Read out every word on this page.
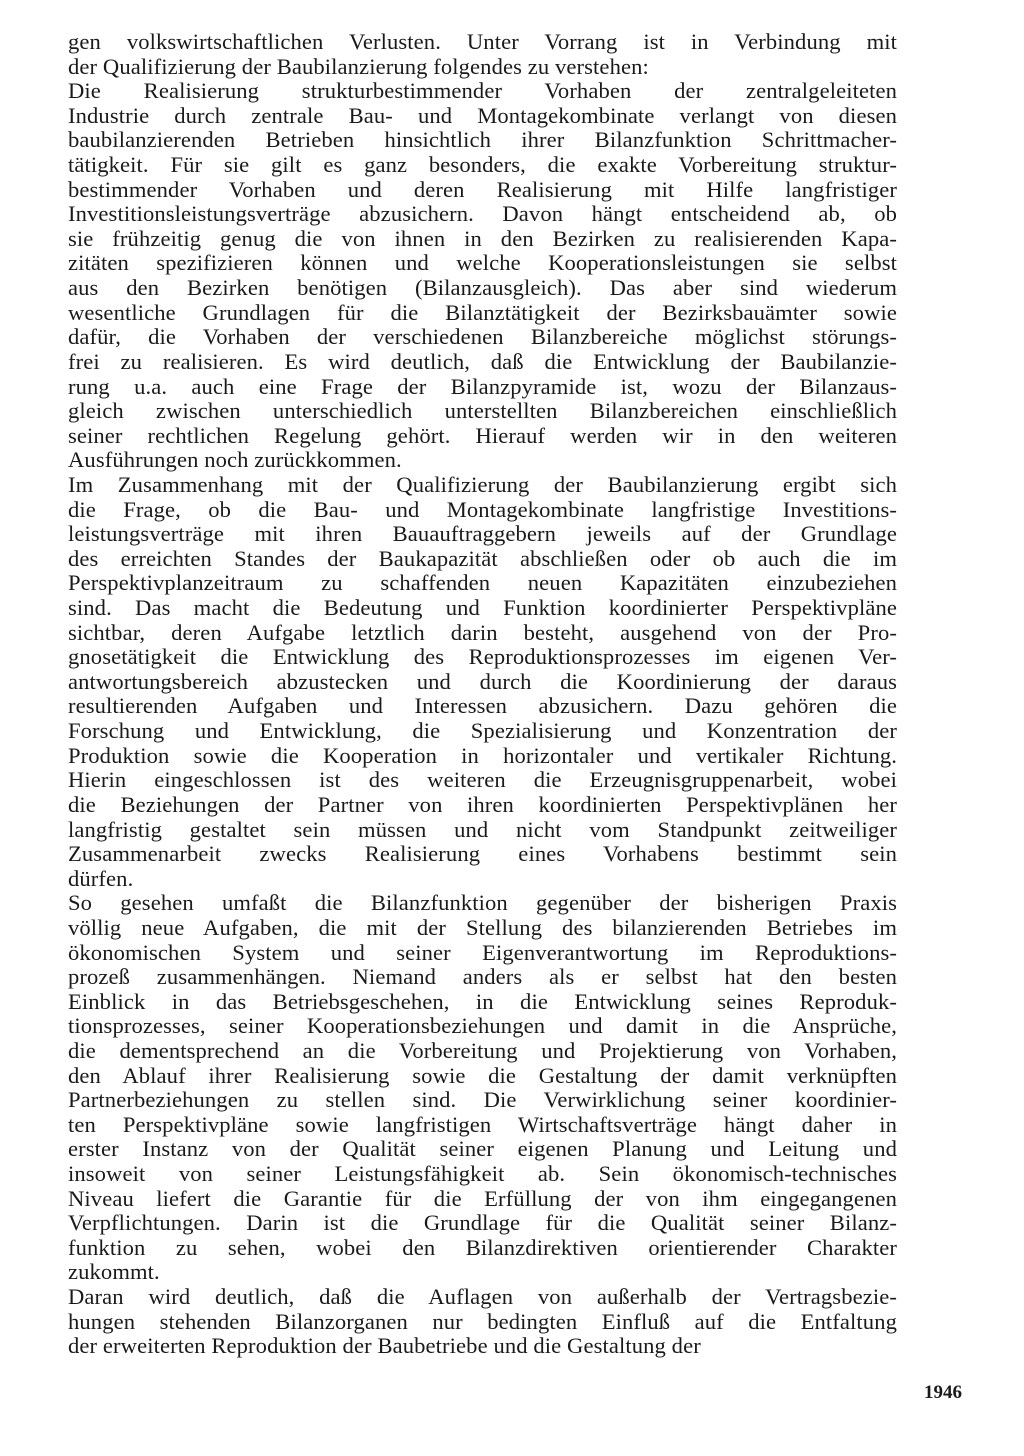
gen volkswirtschaftlichen Verlusten. Unter Vorrang ist in Verbindung mit
der Qualifizierung der Baubilanzierung folgendes zu verstehen:
Die Realisierung strukturbestimmender Vorhaben der zentralgeleiteten
Industrie durch zentrale Bau- und Montagekombinate verlangt von diesen
baubilanzierenden Betrieben hinsichtlich ihrer Bilanzfunktion Schrittmacher-
tätigkeit. Für sie gilt es ganz besonders, die exakte Vorbereitung struktur-
bestimmender Vorhaben und deren Realisierung mit Hilfe langfristiger
Investitionsleistungsverträge abzusichern. Davon hängt entscheidend ab, ob
sie frühzeitig genug die von ihnen in den Bezirken zu realisierenden Kapa-
zitäten spezifizieren können und welche Kooperationsleistungen sie selbst
aus den Bezirken benötigen (Bilanzausgleich). Das aber sind wiederum
wesentliche Grundlagen für die Bilanztätigkeit der Bezirksbauämter sowie
dafür, die Vorhaben der verschiedenen Bilanzbereiche möglichst störungs-
frei zu realisieren. Es wird deutlich, daß die Entwicklung der Baubilanzie-
rung u.a. auch eine Frage der Bilanzpyramide ist, wozu der Bilanzaus-
gleich zwischen unterschiedlich unterstellten Bilanzbereichen einschließlich
seiner rechtlichen Regelung gehört. Hierauf werden wir in den weiteren
Ausführungen noch zurückkommen.
Im Zusammenhang mit der Qualifizierung der Baubilanzierung ergibt sich
die Frage, ob die Bau- und Montagekombinate langfristige Investitions-
leistungsverträge mit ihren Bauauftraggebern jeweils auf der Grundlage
des erreichten Standes der Baukapazität abschließen oder ob auch die im
Perspektivplanzeitraum zu schaffenden neuen Kapazitäten einzubeziehen
sind. Das macht die Bedeutung und Funktion koordinierter Perspektivpläne
sichtbar, deren Aufgabe letztlich darin besteht, ausgehend von der Pro-
gnosetätigkeit die Entwicklung des Reproduktionsprozesses im eigenen Ver-
antwortungsbereich abzustecken und durch die Koordinierung der daraus
resultierenden Aufgaben und Interessen abzusichern. Dazu gehören die
Forschung und Entwicklung, die Spezialisierung und Konzentration der
Produktion sowie die Kooperation in horizontaler und vertikaler Richtung.
Hierin eingeschlossen ist des weiteren die Erzeugnisgruppenarbeit, wobei
die Beziehungen der Partner von ihren koordinierten Perspektivplänen her
langfristig gestaltet sein müssen und nicht vom Standpunkt zeitweiliger
Zusammenarbeit zwecks Realisierung eines Vorhabens bestimmt sein
dürfen.
So gesehen umfaßt die Bilanzfunktion gegenüber der bisherigen Praxis
völlig neue Aufgaben, die mit der Stellung des bilanzierenden Betriebes im
ökonomischen System und seiner Eigenverantwortung im Reproduktions-
prozeß zusammenhängen. Niemand anders als er selbst hat den besten
Einblick in das Betriebsgeschehen, in die Entwicklung seines Reproduk-
tionsprozesses, seiner Kooperationsbeziehungen und damit in die Ansprüche,
die dementsprechend an die Vorbereitung und Projektierung von Vorhaben,
den Ablauf ihrer Realisierung sowie die Gestaltung der damit verknüpften
Partnerbeziehungen zu stellen sind. Die Verwirklichung seiner koordinier-
ten Perspektivpläne sowie langfristigen Wirtschaftsverträge hängt daher in
erster Instanz von der Qualität seiner eigenen Planung und Leitung und
insoweit von seiner Leistungsfähigkeit ab. Sein ökonomisch-technisches
Niveau liefert die Garantie für die Erfüllung der von ihm eingegangenen
Verpflichtungen. Darin ist die Grundlage für die Qualität seiner Bilanz-
funktion zu sehen, wobei den Bilanzdirektiven orientierender Charakter
zukommt.
Daran wird deutlich, daß die Auflagen von außerhalb der Vertragsbezie-
hungen stehenden Bilanzorganen nur bedingten Einfluß auf die Entfaltung
der erweiterten Reproduktion der Baubetriebe und die Gestaltung der
1946
